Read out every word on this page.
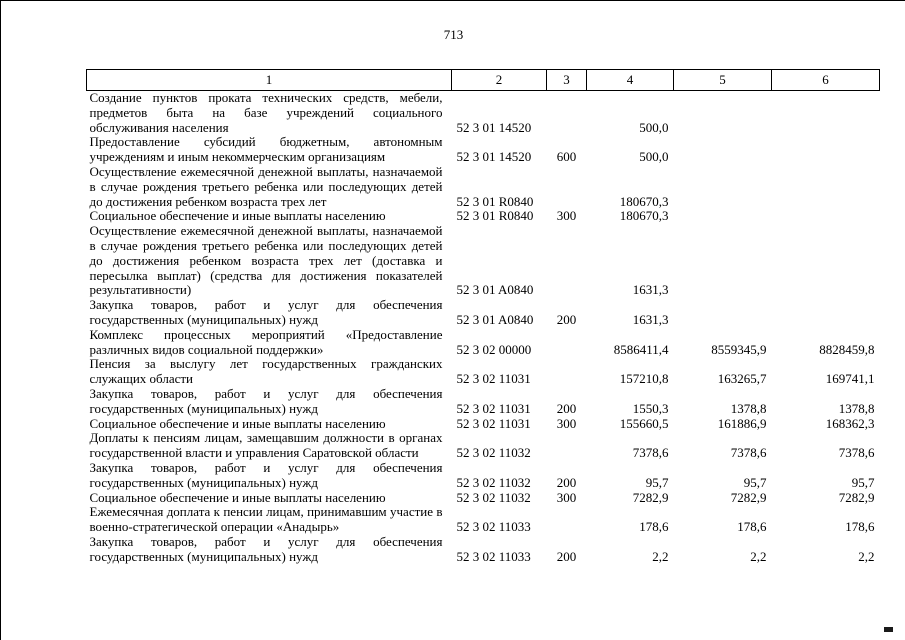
713
1	2	3	4	5	6
Создание пунктов проката технических средств, мебели, предметов быта на базе учреждений социального обслуживания населения	52 3 01 14520		500,0		
Предоставление субсидий бюджетным, автономным учреждениям и иным некоммерческим организациям	52 3 01 14520	600	500,0		
Осуществление ежемесячной денежной выплаты, назначаемой в случае рождения третьего ребенка или последующих детей до достижения ребенком возраста трех лет	52 3 01 R0840		180670,3		
Социальное обеспечение и иные выплаты населению	52 3 01 R0840	300	180670,3		
Осуществление ежемесячной денежной выплаты, назначаемой в случае рождения третьего ребенка или последующих детей до достижения ребенком возраста трех лет (доставка и пересылка выплат) (средства для достижения показателей результативности)	52 3 01 A0840		1631,3		
Закупка товаров, работ и услуг для обеспечения государственных (муниципальных) нужд	52 3 01 A0840	200	1631,3		
Комплекс процессных мероприятий «Предоставление различных видов социальной поддержки»	52 3 02 00000		8586411,4	8559345,9	8828459,8
Пенсия за выслугу лет государственных гражданских служащих области	52 3 02 11031		157210,8	163265,7	169741,1
Закупка товаров, работ и услуг для обеспечения государственных (муниципальных) нужд	52 3 02 11031	200	1550,3	1378,8	1378,8
Социальное обеспечение и иные выплаты населению	52 3 02 11031	300	155660,5	161886,9	168362,3
Доплаты к пенсиям лицам, замещавшим должности в органах государственной власти и управления Саратовской области	52 3 02 11032		7378,6	7378,6	7378,6
Закупка товаров, работ и услуг для обеспечения государственных (муниципальных) нужд	52 3 02 11032	200	95,7	95,7	95,7
Социальное обеспечение и иные выплаты населению	52 3 02 11032	300	7282,9	7282,9	7282,9
Ежемесячная доплата к пенсии лицам, принимавшим участие в военно-стратегической операции «Анадырь»	52 3 02 11033		178,6	178,6	178,6
Закупка товаров, работ и услуг для обеспечения государственных (муниципальных) нужд	52 3 02 11033	200	2,2	2,2	2,2
